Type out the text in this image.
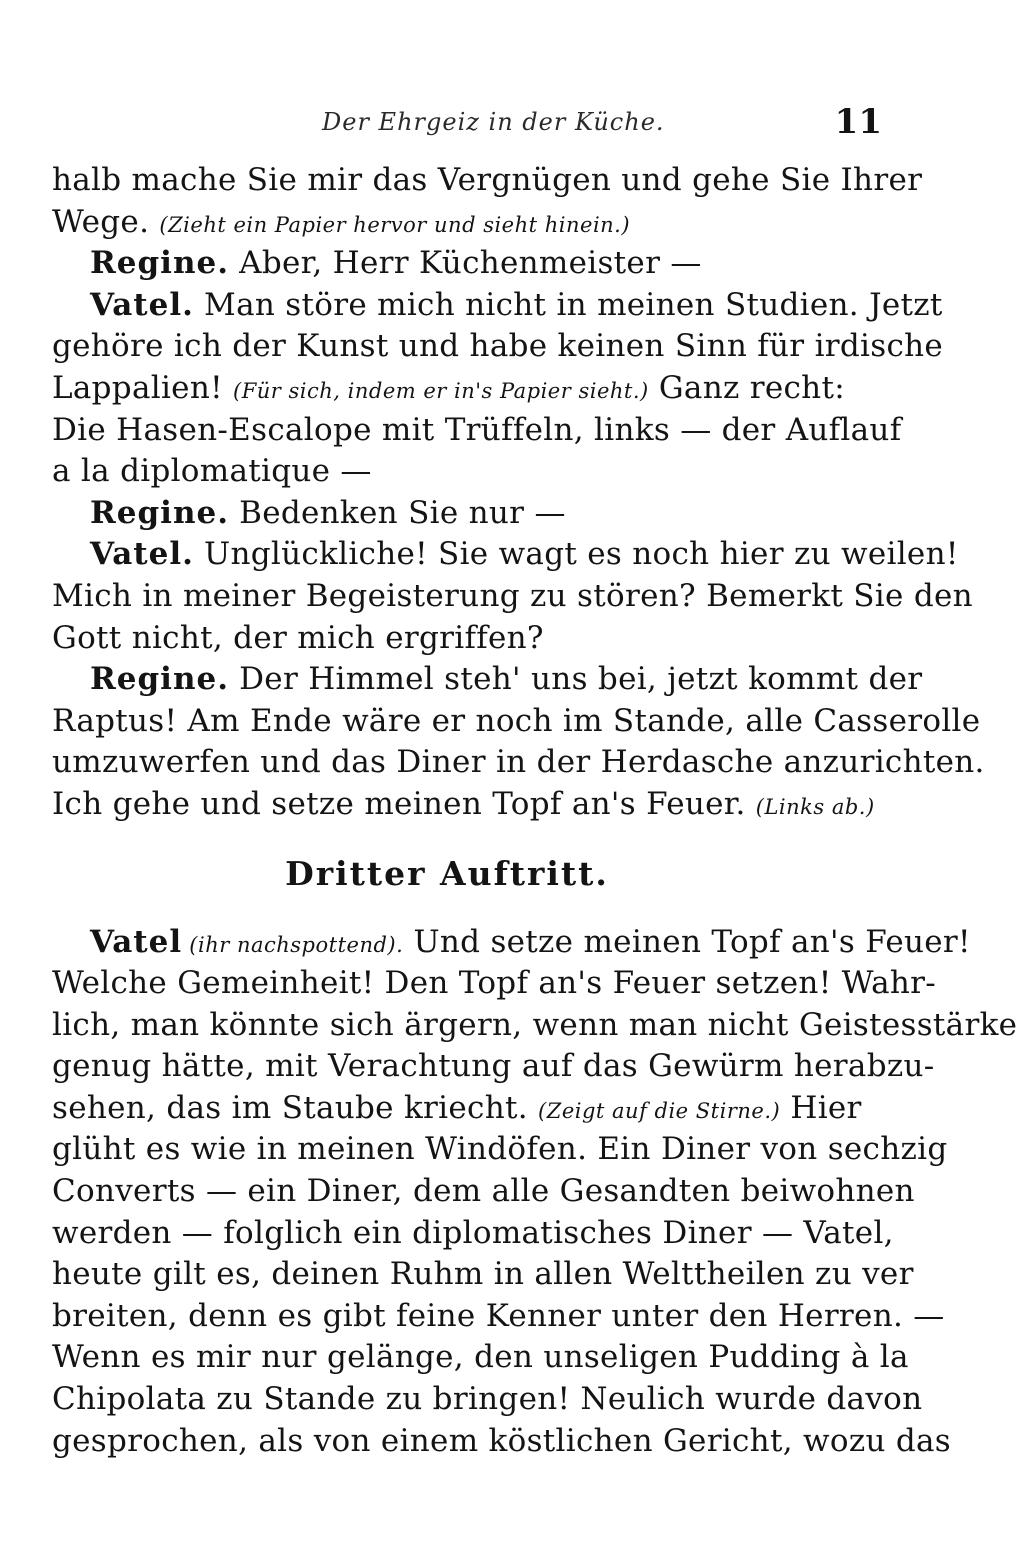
Der Ehrgeiz in der Küche.	11
halb mache Sie mir das Vergnügen und gehe Sie Ihrer
Wege. (Zieht ein Papier hervor und sieht hinein.)
Regine. Aber, Herr Küchenmeister —
Vatel. Man störe mich nicht in meinen Studien. Jetzt
gehöre ich der Kunst und habe keinen Sinn für irdische
Lappalien! (Für sich, indem er in's Papier sieht.) Ganz recht:
Die Hasen-Escalope mit Trüffeln, links — der Auflauf
a la diplomatique —
Regine. Bedenken Sie nur —
Vatel. Unglückliche! Sie wagt es noch hier zu weilen!
Mich in meiner Begeisterung zu stören? Bemerkt Sie den
Gott nicht, der mich ergriffen?
Regine. Der Himmel steh' uns bei, jetzt kommt der
Raptus! Am Ende wäre er noch im Stande, alle Casserolle
umzuwerfen und das Diner in der Herdasche anzurichten.
Ich gehe und setze meinen Topf an's Feuer. (Links ab.)
Dritter Auftritt.
Vatel (ihr nachspottend). Und setze meinen Topf an's Feuer!
Welche Gemeinheit! Den Topf an's Feuer setzen! Wahr-
lich, man könnte sich ärgern, wenn man nicht Geistesstärke
genug hätte, mit Verachtung auf das Gewürm herabzu-
sehen, das im Staube kriecht. (Zeigt auf die Stirne.) Hier
glüht es wie in meinen Windöfen. Ein Diner von sechzig
Converts — ein Diner, dem alle Gesandten beiwohnen
werden — folglich ein diplomatisches Diner — Vatel,
heute gilt es, deinen Ruhm in allen Welttheilen zu ver
breiten, denn es gibt feine Kenner unter den Herren. —
Wenn es mir nur gelänge, den unseligen Pudding à la
Chipolata zu Stande zu bringen! Neulich wurde davon
gesprochen, als von einem köstlichen Gericht, wozu das
